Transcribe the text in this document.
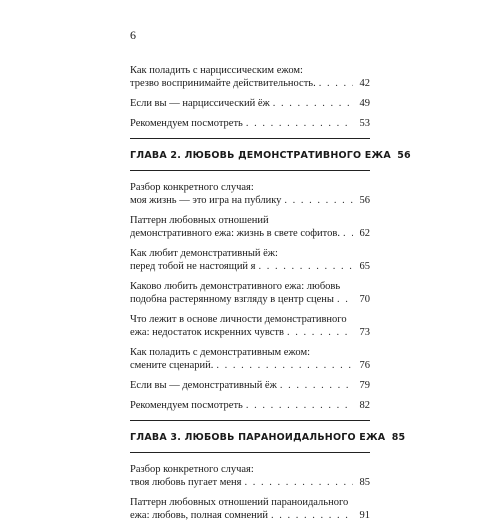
6
Как поладить с нарциссическим ежом:
трезво воспринимайте действительность. . . .	42
Если вы — нарциссический ёж . . .	49
Рекомендуем посмотреть . . .	53
ГЛАВА 2. ЛЮБОВЬ ДЕМОНСТРАТИВНОГО ЕЖА 56
Разбор конкретного случая:
моя жизнь — это игра на публику . . .	56
Паттерн любовных отношений
демонстративного ежа: жизнь в свете софитов. . . .	62
Как любит демонстративный ёж:
перед тобой не настоящий я . . .	65
Каково любить демонстративного ежа: любовь
подобна растерянному взгляду в центр сцены . . .	70
Что лежит в основе личности демонстративного
ежа: недостаток искренних чувств . . .	73
Как поладить с демонстративным ежом:
смените сценарий. . . .	76
Если вы — демонстративный ёж . . .	79
Рекомендуем посмотреть . . .	82
ГЛАВА 3. ЛЮБОВЬ ПАРАНОИДАЛЬНОГО ЕЖА 85
Разбор конкретного случая:
твоя любовь пугает меня . . .	85
Паттерн любовных отношений параноидального
ежа: любовь, полная сомнений . . .	91
